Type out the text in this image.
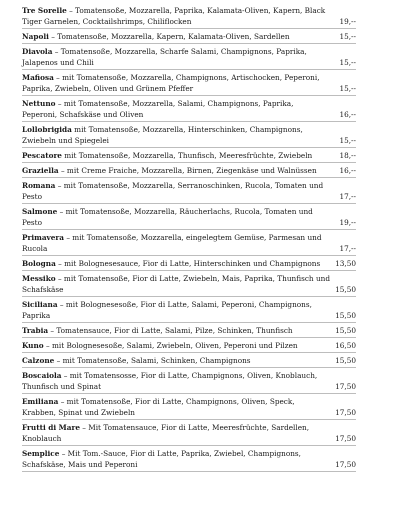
Tre Sorelle – Tomatensoße, Mozzarella, Paprika, Kalamata-Oliven, Kapern, Black Tiger Garnelen, Cocktailshrimps, Chiliflocken	19,--
Napoli – Tomatensoße, Mozzarella, Kapern, Kalamata-Oliven, Sardellen	15,--
Diavola – Tomatensoße, Mozzarella, Scharfe Salami, Champignons, Paprika, Jalapenos und Chili	15,--
Mafiosa – mit Tomatensoße, Mozzarella, Champignons, Artischocken, Peperoni, Paprika, Zwiebeln, Oliven und Grünem Pfeffer	15,--
Nettuno – mit Tomatensoße, Mozzarella, Salami, Champignons, Paprika, Peperoni, Schafskäse und Oliven	16,--
Lollobrigida mit Tomatensoße, Mozzarella, Hinterschinken, Champignons, Zwiebeln und Spiegelei	15,--
Pescatore mit Tomatensoße, Mozzarella, Thunfisch, Meeresfrüchte, Zwiebeln	18,--
Graziella – mit Creme Fraiche, Mozzarella, Birnen, Ziegenkäse und Walnüssen	16,--
Romana – mit Tomatensoße, Mozzarella, Serranoschinken, Rucola, Tomaten und Pesto	17,--
Salmone – mit Tomatensoße, Mozzarella, Räucherlachs, Rucola, Tomaten und Pesto	19,--
Primavera – mit Tomatensoße, Mozzarella, eingelegtem Gemüse, Parmesan und Rucola	17,--
Bologna – mit Bolognesesauce, Fior di Latte, Hinterschinken und Champignons	13,50
Messiko – mit Tomatensoße, Fior di Latte, Zwiebeln, Mais, Paprika, Thunfisch und Schafskäse	15,50
Siciliana – mit Bolognesesoße, Fior di Latte, Salami, Peperoni, Champignons, Paprika	15,50
Trabia – Tomatensauce, Fior di Latte, Salami, Pilze, Schinken, Thunfisch	15,50
Kuno – mit Bolognesesoße, Salami, Zwiebeln, Oliven, Peperoni und Pilzen	16,50
Calzone – mit Tomatensoße, Salami, Schinken, Champignons	15,50
Boscaiola – mit Tomatensosse, Fior di Latte, Champignons, Oliven, Knoblauch, Thunfisch und Spinat	17,50
Emiliana – mit Tomatensoße, Fior di Latte, Champignons, Oliven, Speck, Krabben, Spinat und Zwiebeln	17,50
Frutti di Mare – Mit Tomatensauce, Fior di Latte, Meeresfrüchte, Sardellen, Knoblauch	17,50
Semplice – Mit Tom.-Sauce, Fior di Latte, Paprika, Zwiebel, Champignons, Schafskäse, Mais und Peperoni	17,50
